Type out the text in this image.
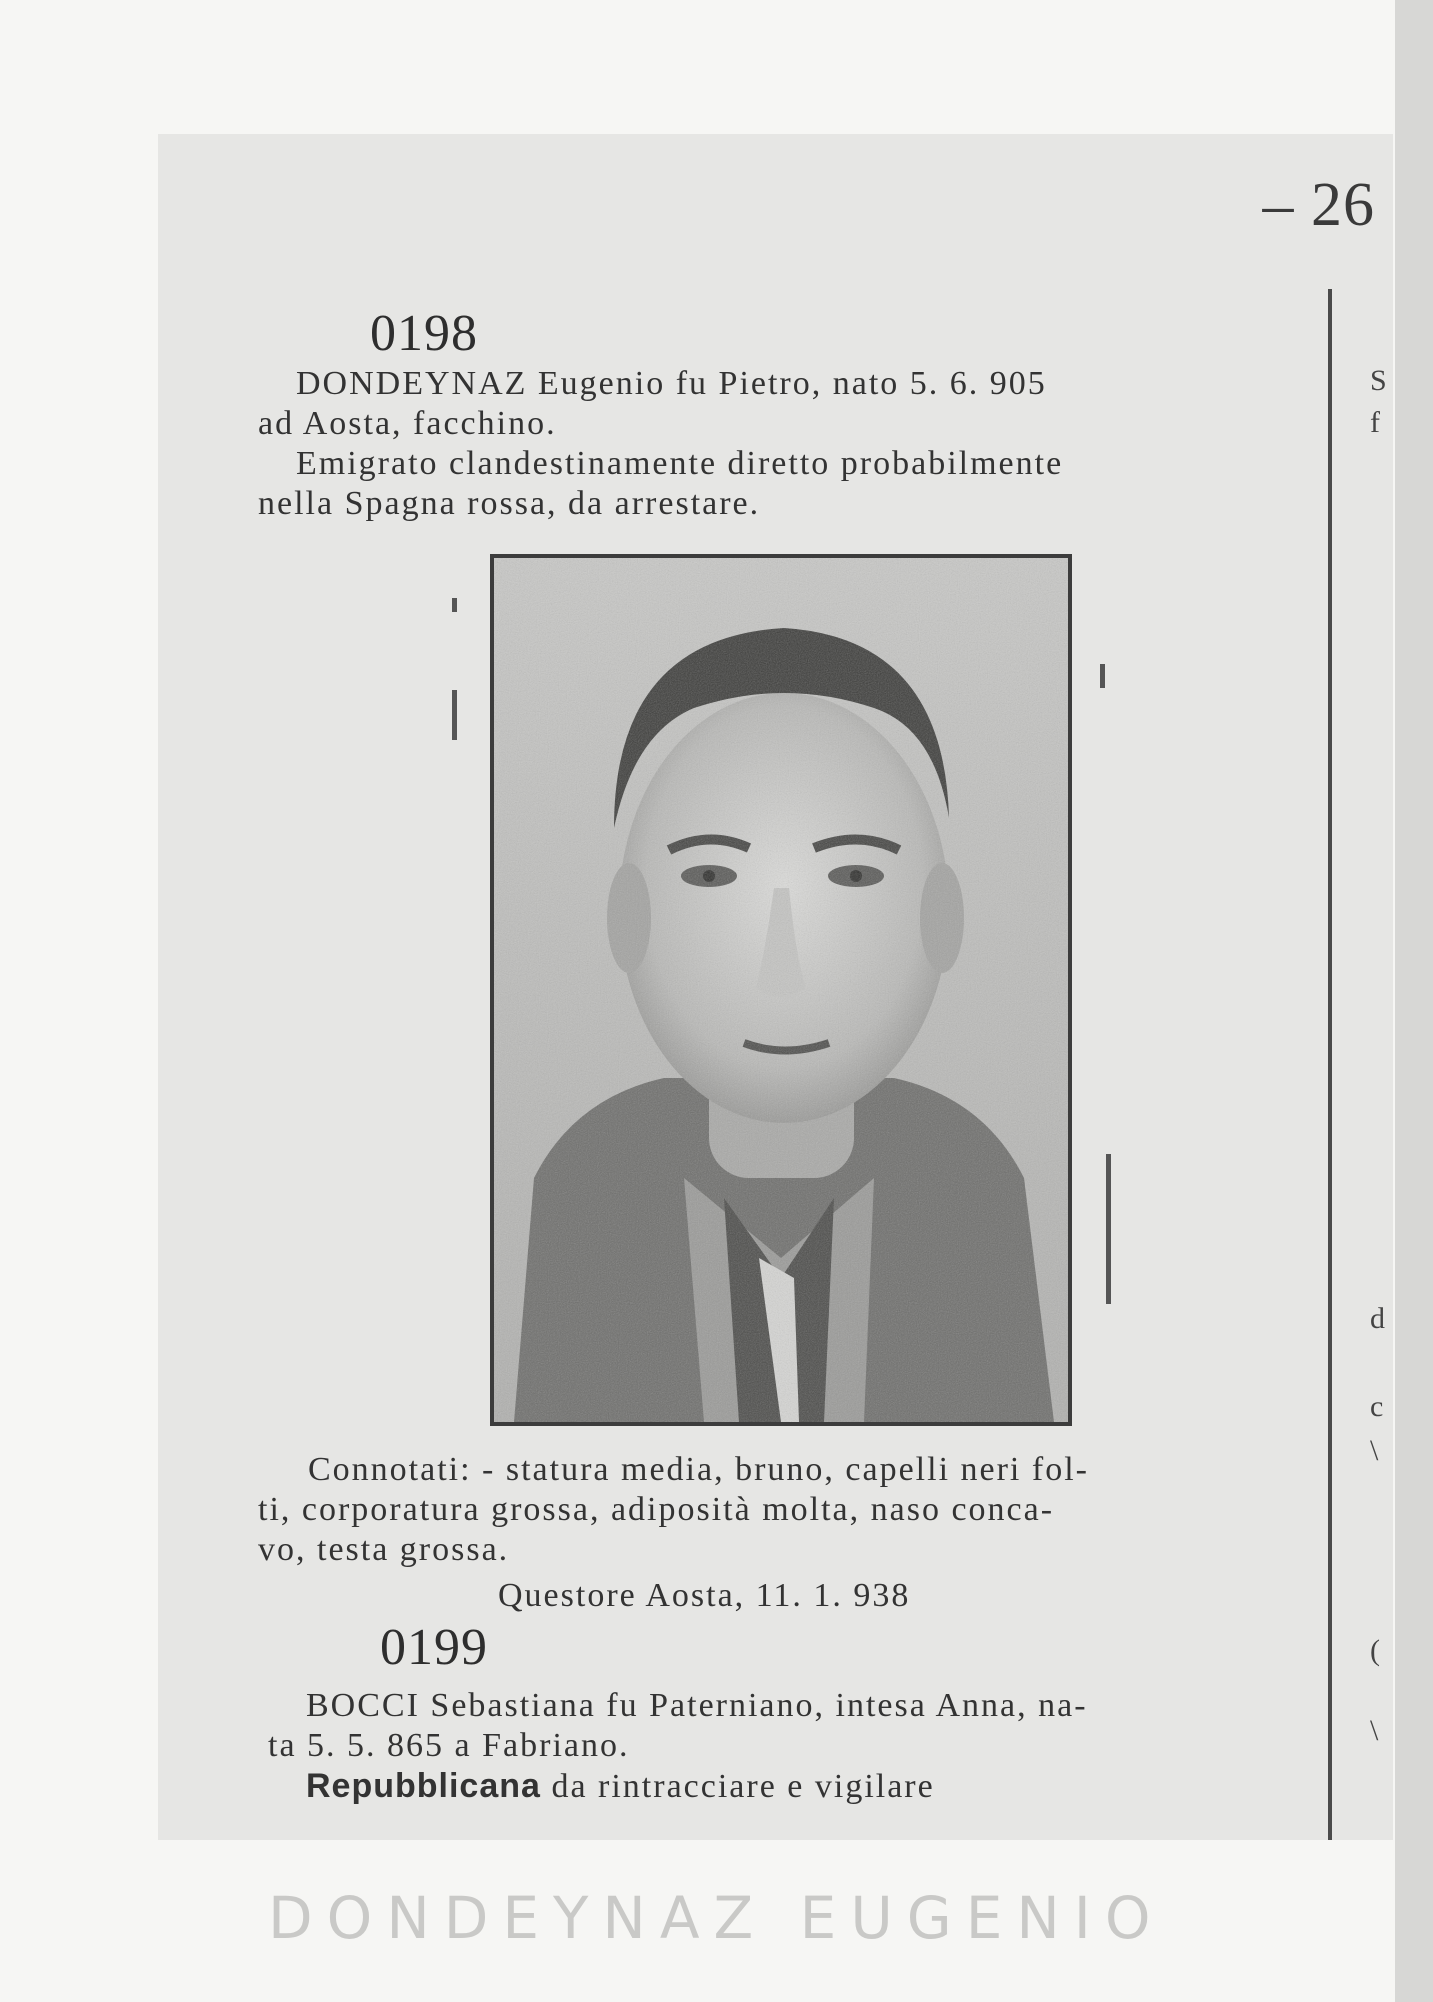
– 26
S
f
d
c
\
(
\
0198
DONDEYNAZ Eugenio fu Pietro, nato 5. 6. 905
ad Aosta, facchino.
Emigrato clandestinamente diretto probabilmente
nella Spagna rossa, da arrestare.
Connotati: - statura media, bruno, capelli neri fol-
ti, corporatura grossa, adiposità molta, naso conca-
vo, testa grossa.
Questore Aosta, 11. 1. 938
0199
BOCCI Sebastiana fu Paterniano, intesa Anna, na-
ta 5. 5. 865 a Fabriano.
Repubblicana da rintracciare e vigilare
DONDEYNAZ EUGENIO
